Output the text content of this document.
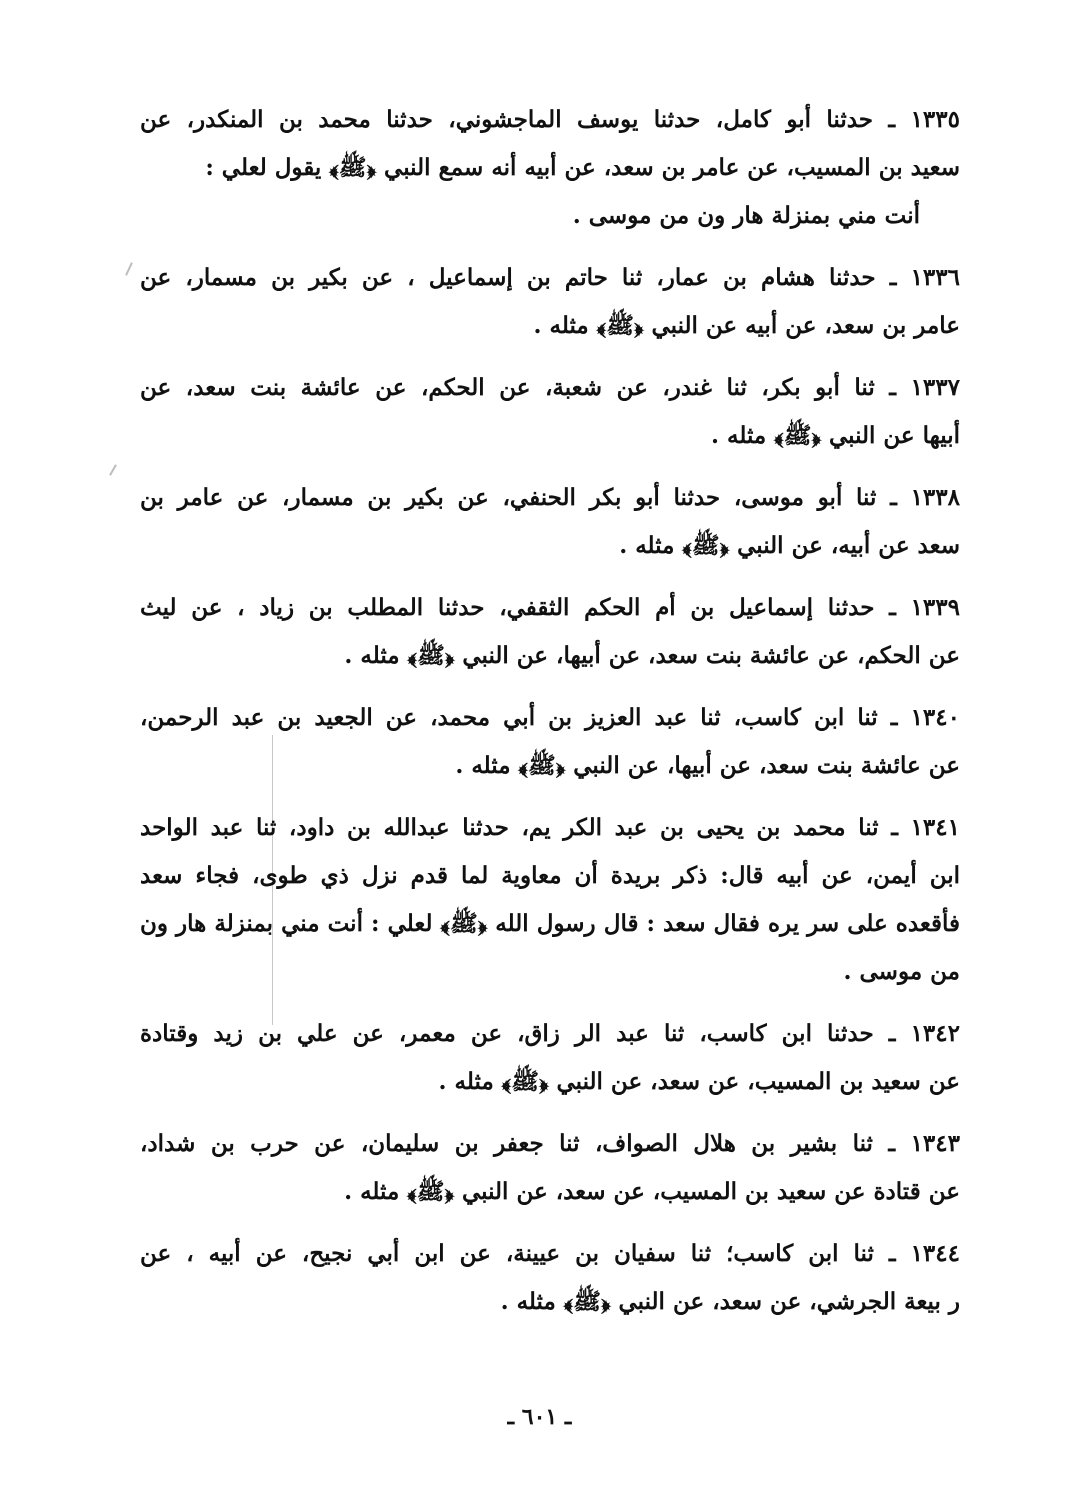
١٣٣٥ ـ حدثنا أبو كامل، حدثنا يوسف الماجشوني، حدثنا محمد بن المنكدر، عن
سعيد بن المسيب، عن عامر بن سعد، عن أبيه أنه سمع النبي ﴿ﷺ﴾ يقول لعلي :
أنت مني بمنزلة هار ون من موسى .
١٣٣٦ ـ حدثنا هشام بن عمار، ثنا حاتم بن إسماعيل ، عن بكير بن مسمار، عن
عامر بن سعد، عن أبيه عن النبي ﴿ﷺ﴾ مثله .
١٣٣٧ ـ ثنا أبو بكر، ثنا غندر، عن شعبة، عن الحكم، عن عائشة بنت سعد، عن
أبيها عن النبي ﴿ﷺ﴾ مثله .
١٣٣٨ ـ ثنا أبو موسى، حدثنا أبو بكر الحنفي، عن بكير بن مسمار، عن عامر بن
سعد عن أبيه، عن النبي ﴿ﷺ﴾ مثله .
١٣٣٩ ـ حدثنا إسماعيل بن أم الحكم الثقفي، حدثنا المطلب بن زياد ، عن ليث
عن الحكم، عن عائشة بنت سعد، عن أبيها، عن النبي ﴿ﷺ﴾ مثله .
١٣٤٠ ـ ثنا ابن كاسب، ثنا عبد العزيز بن أبي محمد، عن الجعيد بن عبد الرحمن،
عن عائشة بنت سعد، عن أبيها، عن النبي ﴿ﷺ﴾ مثله .
١٣٤١ ـ ثنا محمد بن يحيى بن عبد الكر يم، حدثنا عبدالله بن داود، ثنا عبد الواحد
ابن أيمن، عن أبيه قال: ذكر بريدة أن معاوية لما قدم نزل ذي طوى، فجاء سعد
فأقعده على سر يره فقال سعد : قال رسول الله ﴿ﷺ﴾ لعلي : أنت مني بمنزلة هار ون
من موسى .
١٣٤٢ ـ حدثنا ابن كاسب، ثنا عبد الر زاق، عن معمر، عن علي بن زيد وقتادة
عن سعيد بن المسيب، عن سعد، عن النبي ﴿ﷺ﴾ مثله .
١٣٤٣ ـ ثنا بشير بن هلال الصواف، ثنا جعفر بن سليمان، عن حرب بن شداد،
عن قتادة عن سعيد بن المسيب، عن سعد، عن النبي ﴿ﷺ﴾ مثله .
١٣٤٤ ـ ثنا ابن كاسب؛ ثنا سفيان بن عيينة، عن ابن أبي نجيح، عن أبيه ، عن
ر بيعة الجرشي، عن سعد، عن النبي ﴿ﷺ﴾ مثله .
ـ ٦٠١ ـ
